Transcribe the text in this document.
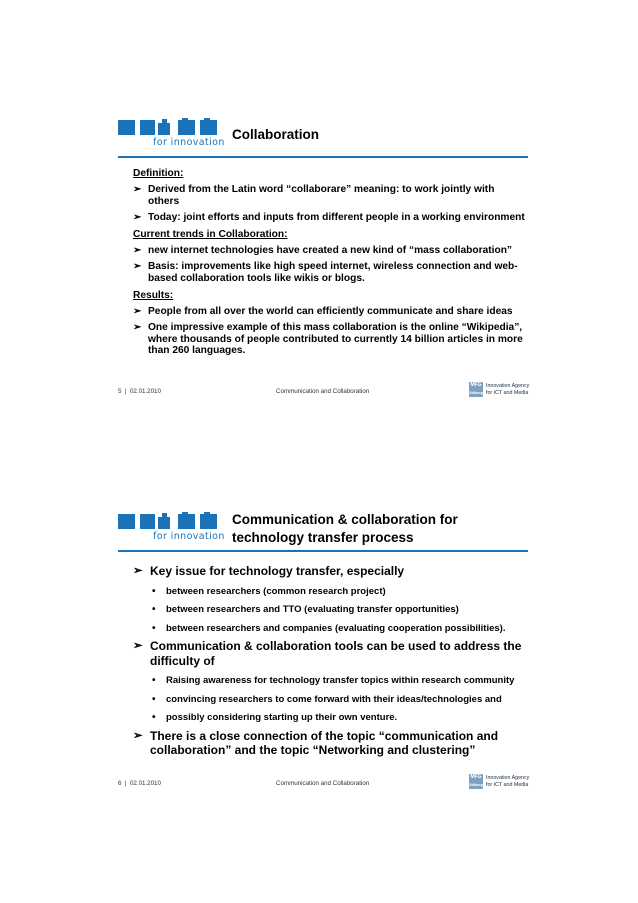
for innovation
Collaboration
Definition:
➢ Derived from the Latin word “collaborare” meaning: to work jointly with others
➢ Today: joint efforts and inputs from different people in a working environment
Current trends in Collaboration:
➢ new internet technologies have created a new kind of “mass collaboration”
➢ Basis: improvements like high speed internet, wireless connection and web-based collaboration tools like wikis or blogs.
Results:
➢ People from all over the world can efficiently communicate and share ideas
➢ One impressive example of this mass collaboration is the online “Wikipedia”, where thousands of people contributed to currently 14 billion articles in more than 260 languages.
5 | 02.01.2010	Communication and Collaboration
MFG
Stiftung
Innovation Agency
for ICT and Media
for innovation
Communication & collaboration for
technology transfer process
➢ Key issue for technology transfer, especially
• between researchers (common research project)
• between researchers and TTO (evaluating transfer opportunities)
• between researchers and companies (evaluating cooperation possibilities).
➢ Communication & collaboration tools can be used to address the difficulty of
• Raising awareness for technology transfer topics within research community
• convincing researchers to come forward with their ideas/technologies and
• possibly considering starting up their own venture.
➢ There is a close connection of the topic “communication and collaboration” and the topic “Networking and clustering”
6 | 02.01.2010	Communication and Collaboration
MFG
Stiftung
Innovation Agency
for ICT and Media
